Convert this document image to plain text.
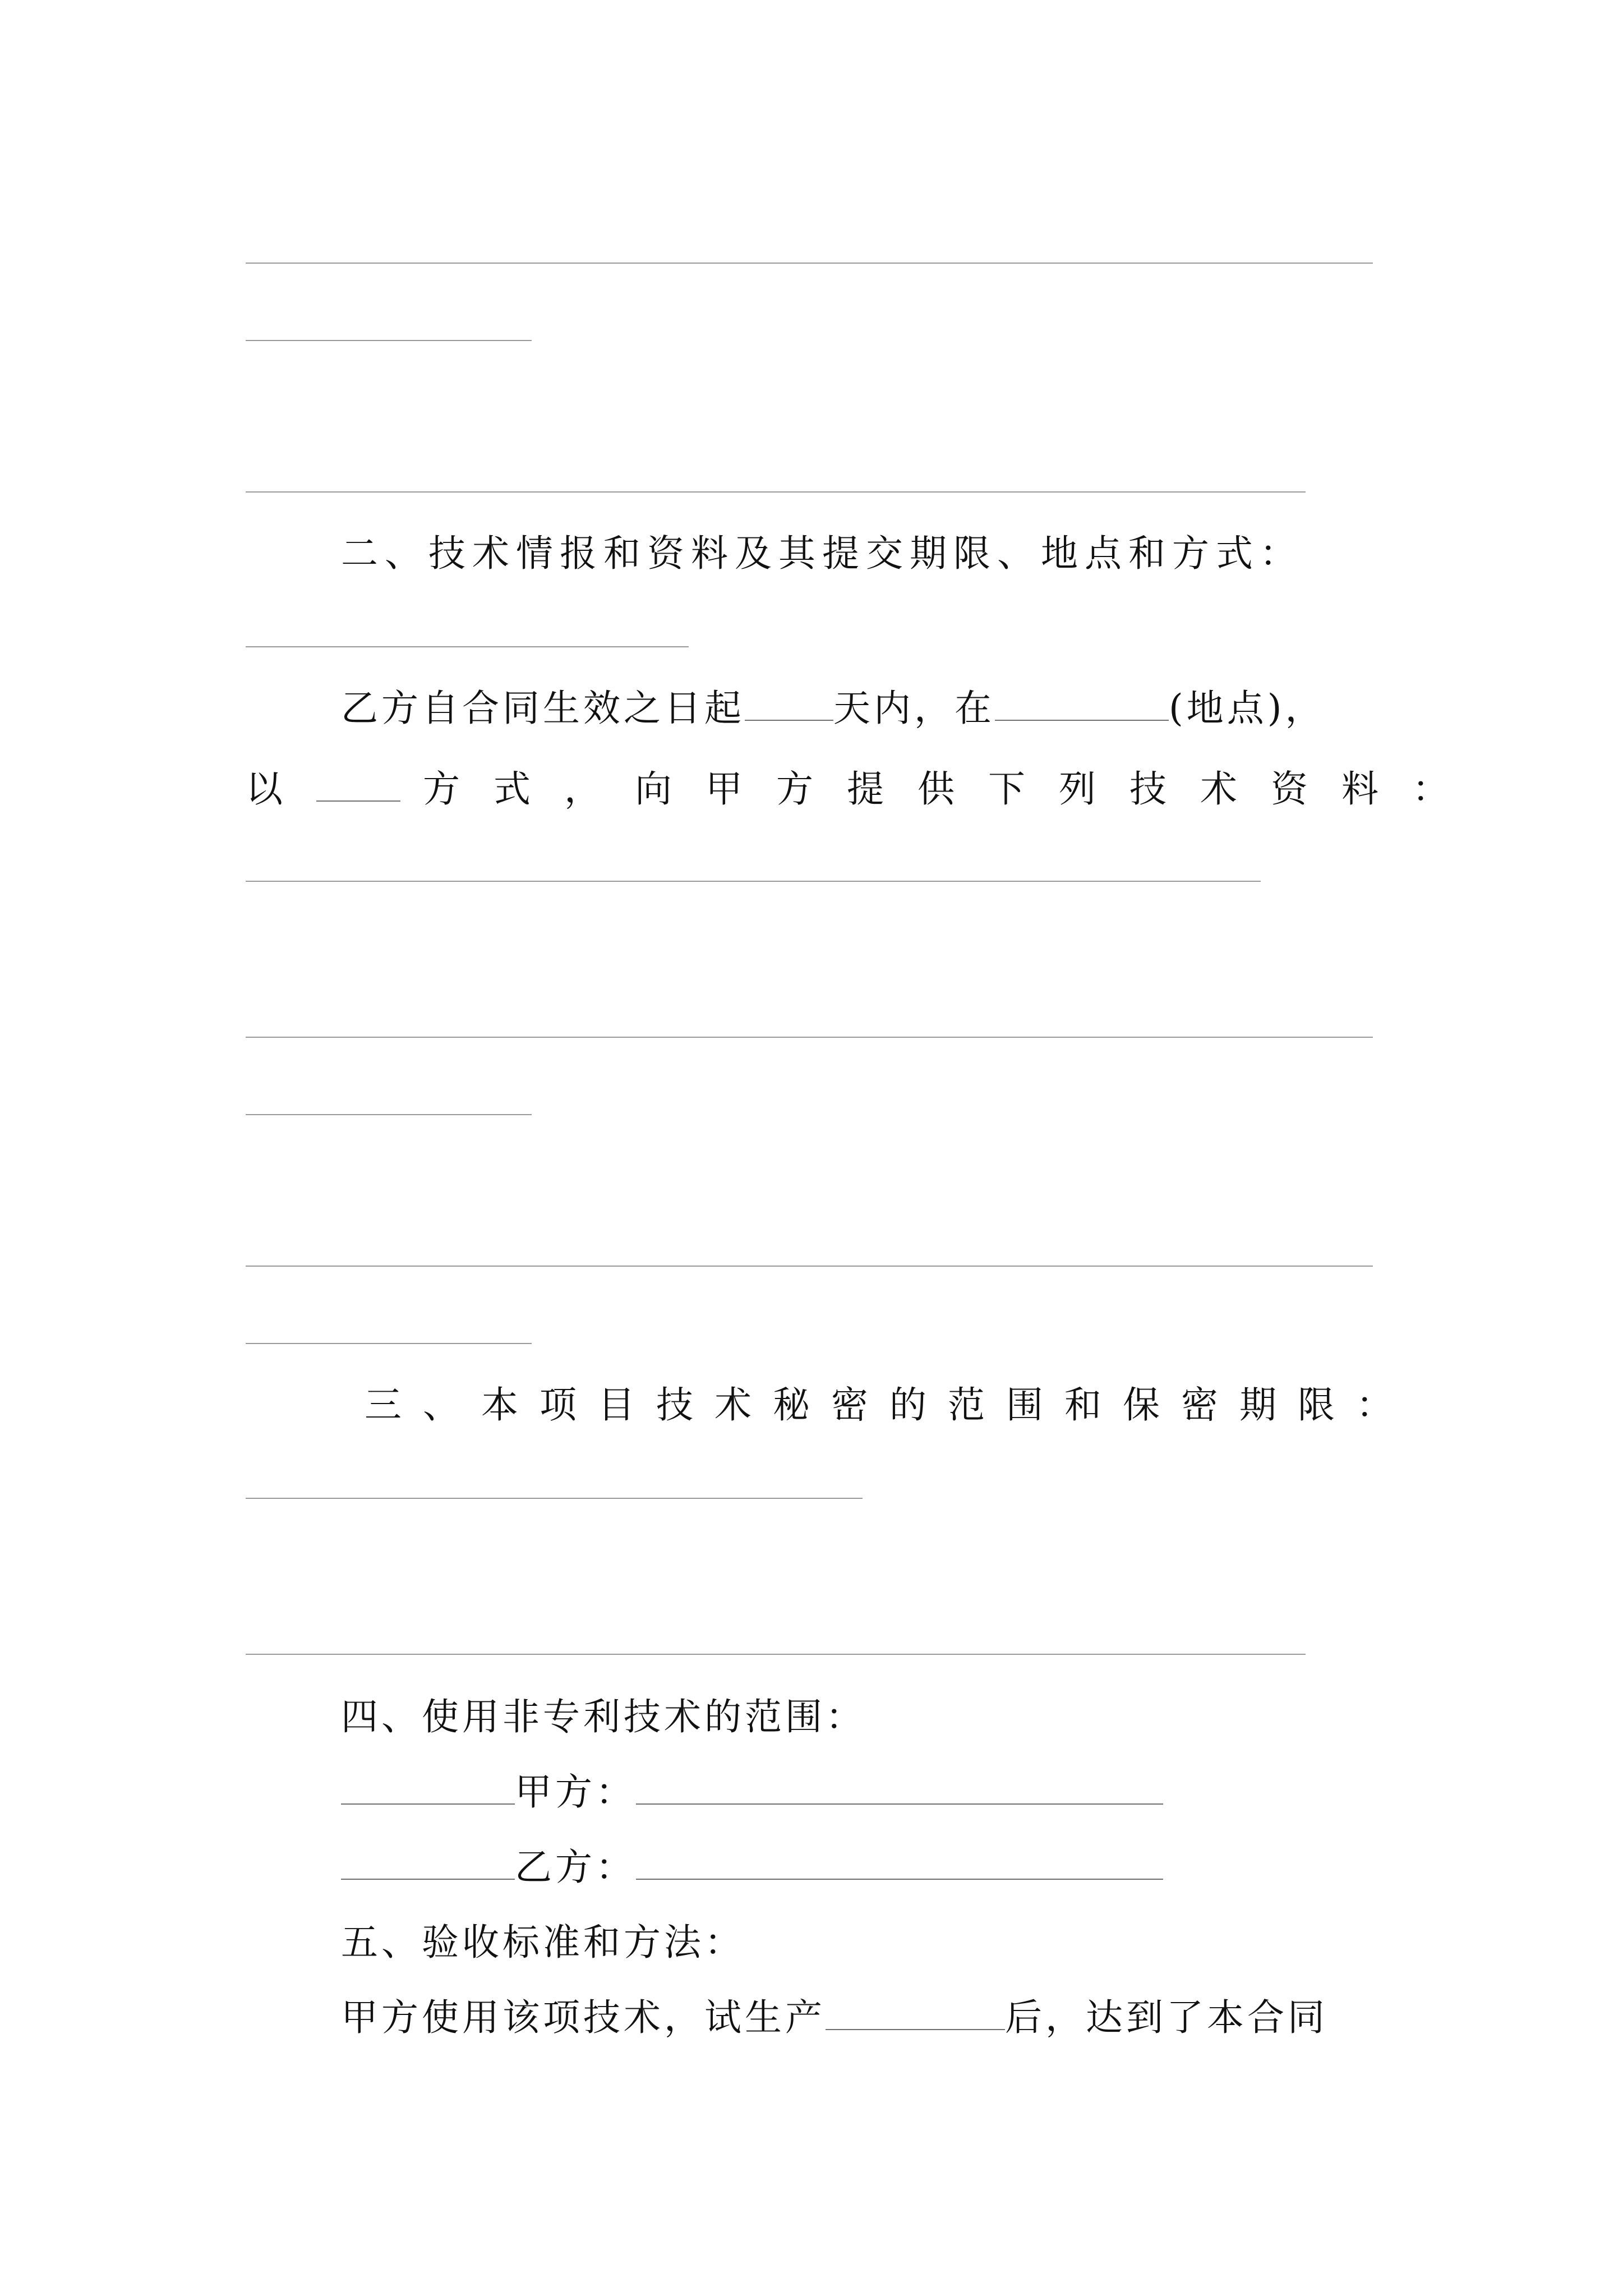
二、技术情报和资料及其提交期限、地点和方式：
乙方自合同生效之日起 天内，在	(地点)，
以	方式，向甲方提供下列技术资料：
三、本项目技术秘密的范围和保密期限：
四、使用非专利技术的范围：
甲方：
乙方：
五、验收标准和方法：
甲方使用该项技术，试生产	后，达到了本合同
